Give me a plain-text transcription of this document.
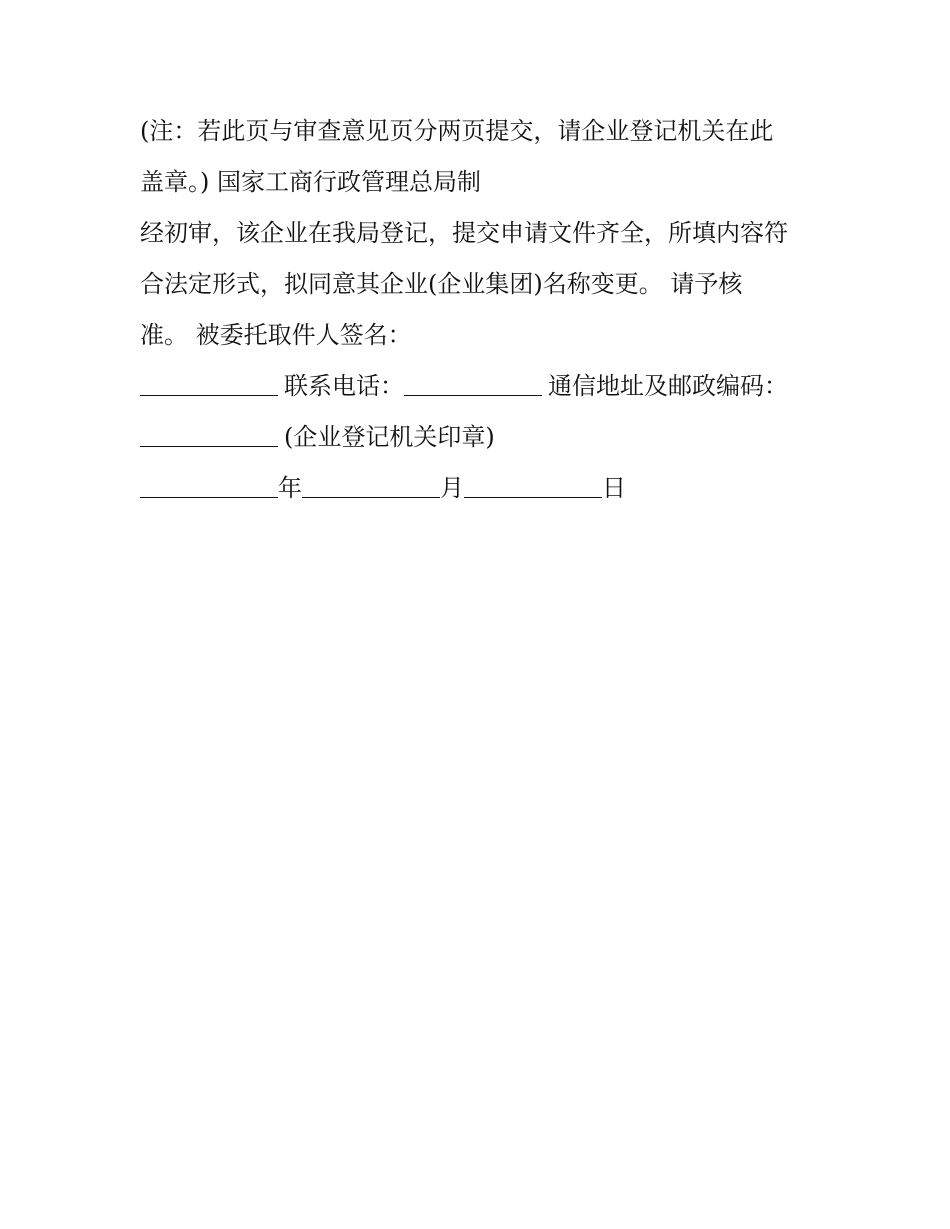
(注：若此页与审查意见页分两页提交，请企业登记机关在此
盖章。) 国家工商行政管理总局制
经初审，该企业在我局登记，提交申请文件齐全，所填内容符
合法定形式，拟同意其企业(企业集团)名称变更。 请予核
准。 被委托取件人签名：
联系电话：	通信地址及邮政编码：
(企业登记机关印章)
年	月	日
